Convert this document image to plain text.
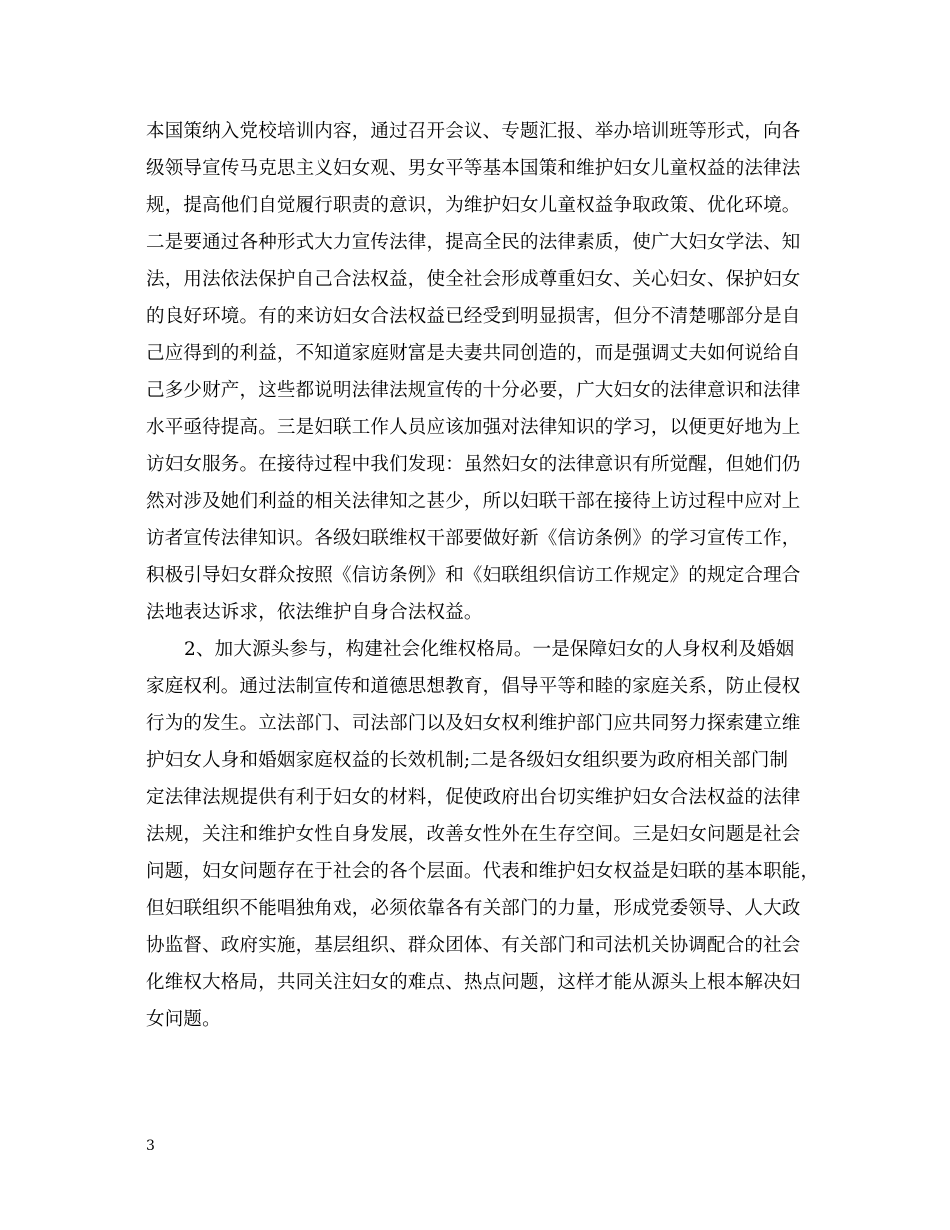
本国策纳入党校培训内容，通过召开会议、专题汇报、举办培训班等形式，向各
级领导宣传马克思主义妇女观、男女平等基本国策和维护妇女儿童权益的法律法
规，提高他们自觉履行职责的意识，为维护妇女儿童权益争取政策、优化环境。
二是要通过各种形式大力宣传法律，提高全民的法律素质，使广大妇女学法、知
法，用法依法保护自己合法权益，使全社会形成尊重妇女、关心妇女、保护妇女
的良好环境。有的来访妇女合法权益已经受到明显损害，但分不清楚哪部分是自
己应得到的利益，不知道家庭财富是夫妻共同创造的，而是强调丈夫如何说给自
己多少财产，这些都说明法律法规宣传的十分必要，广大妇女的法律意识和法律
水平亟待提高。三是妇联工作人员应该加强对法律知识的学习，以便更好地为上
访妇女服务。在接待过程中我们发现：虽然妇女的法律意识有所觉醒，但她们仍
然对涉及她们利益的相关法律知之甚少，所以妇联干部在接待上访过程中应对上
访者宣传法律知识。各级妇联维权干部要做好新《信访条例》的学习宣传工作，
积极引导妇女群众按照《信访条例》和《妇联组织信访工作规定》的规定合理合
法地表达诉求，依法维护自身合法权益。
2、加大源头参与，构建社会化维权格局。一是保障妇女的人身权利及婚姻
家庭权利。通过法制宣传和道德思想教育，倡导平等和睦的家庭关系，防止侵权
行为的发生。立法部门、司法部门以及妇女权利维护部门应共同努力探索建立维
护妇女人身和婚姻家庭权益的长效机制;二是各级妇女组织要为政府相关部门制
定法律法规提供有利于妇女的材料，促使政府出台切实维护妇女合法权益的法律
法规，关注和维护女性自身发展，改善女性外在生存空间。三是妇女问题是社会
问题，妇女问题存在于社会的各个层面。代表和维护妇女权益是妇联的基本职能，
但妇联组织不能唱独角戏，必须依靠各有关部门的力量，形成党委领导、人大政
协监督、政府实施，基层组织、群众团体、有关部门和司法机关协调配合的社会
化维权大格局，共同关注妇女的难点、热点问题，这样才能从源头上根本解决妇
女问题。
3
